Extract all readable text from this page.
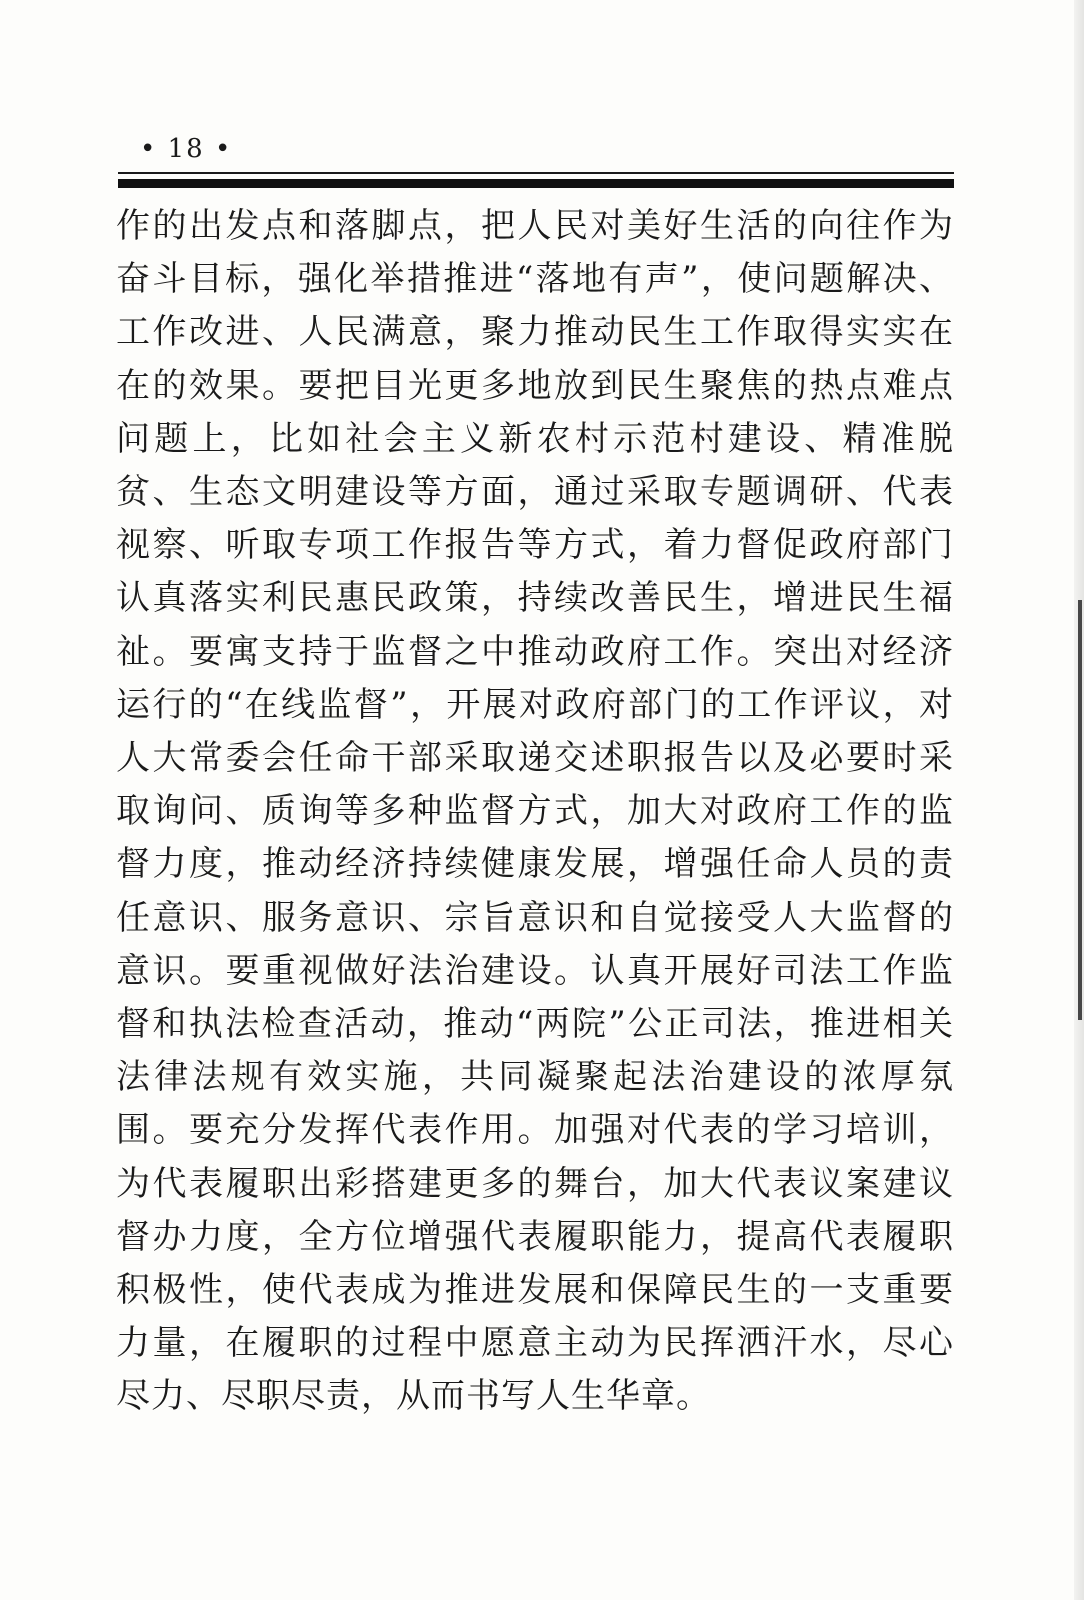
• 18 •

作的出发点和落脚点，把人民对美好生活的向往作为奋斗目标，强化举措推进“落地有声”，使问题解决、工作改进、人民满意，聚力推动民生工作取得实实在在的效果。要把目光更多地放到民生聚焦的热点难点问题上，比如社会主义新农村示范村建设、精准脱贫、生态文明建设等方面，通过采取专题调研、代表视察、听取专项工作报告等方式，着力督促政府部门认真落实利民惠民政策，持续改善民生，增进民生福祉。要寓支持于监督之中推动政府工作。突出对经济运行的“在线监督”，开展对政府部门的工作评议，对人大常委会任命干部采取递交述职报告以及必要时采取询问、质询等多种监督方式，加大对政府工作的监督力度，推动经济持续健康发展，增强任命人员的责任意识、服务意识、宗旨意识和自觉接受人大监督的意识。要重视做好法治建设。认真开展好司法工作监督和执法检查活动，推动“两院”公正司法，推进相关法律法规有效实施，共同凝聚起法治建设的浓厚氛围。要充分发挥代表作用。加强对代表的学习培训，为代表履职出彩搭建更多的舞台，加大代表议案建议督办力度，全方位增强代表履职能力，提高代表履职积极性，使代表成为推进发展和保障民生的一支重要力量，在履职的过程中愿意主动为民挥洒汗水，尽心尽力、尽职尽责，从而书写人生华章。
